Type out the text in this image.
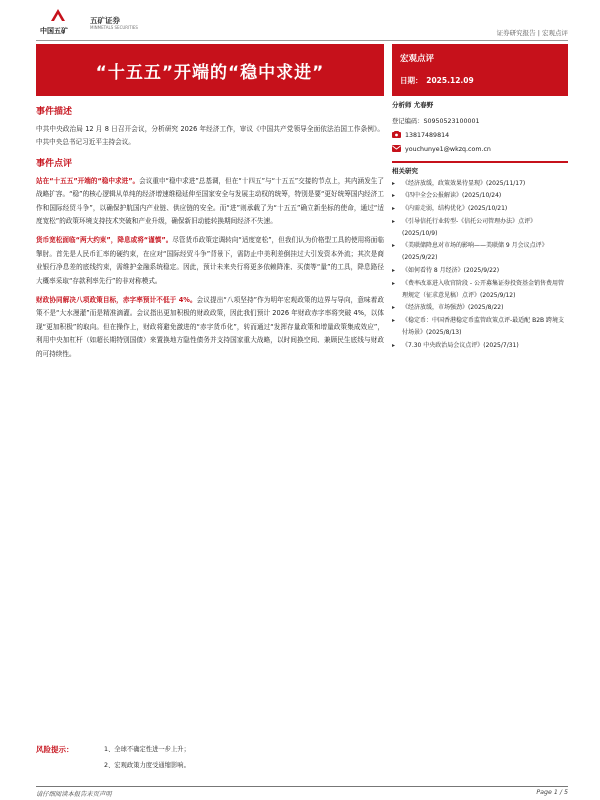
中国五矿
五矿证券
MINMETALS SECURITIES
证券研究报告 | 宏观点评
“十五五”开端的“稳中求进”
宏观点评
日期：　2025.12.09
事件描述

中共中央政治局 12 月 8 日召开会议，分析研究 2026 年经济工作，审议《中国共产党领导全面依法治国工作条例》。中共中央总书记习近平主持会议。

事件点评

站在“十五五”开端的“稳中求进”。会议重申“稳中求进”总基调，但在“十四五”与“十五五”交接的节点上，其内涵发生了战略扩容。“稳”的核心逻辑从单纯的经济增速维稳延伸至国家安全与发展主动权的统筹，特别是要“更好统筹国内经济工作和国际经贸斗争”，以确保护航国内产业链、供应链的安全。而“进”则承载了为“十五五”确立新坐标的使命，通过“适度宽松”的政策环境支持技术突破和产业升级，确保新旧动能转换期间经济不失速。

货币宽松面临“两大约束”，降息或将“谨慎”。尽管货币政策定调转向“适度宽松”，但我们认为价格型工具的使用将面临掣肘。首先是人民币汇率的硬约束，在应对“国际经贸斗争”背景下，需防止中美利差倒挂过大引发资本外流；其次是商业银行净息差的底线约束，需维护金融系统稳定。因此，预计未来央行将更多依赖降准、买债等“量”的工具，降息路径大概率采取“存款利率先行”的非对称模式。

财政协同解决八项政策目标，赤字率预计不低于 4%。会议提出“八项坚持”作为明年宏观政策的边界与导向，意味着政策不是“大水漫灌”而是精准滴灌。会议指出更加积极的财政政策，因此我们预计 2026 年财政赤字率将突破 4%，以体现“更加积极”的取向。但在操作上，财政将避免激进的“赤字货币化”，转而通过“发挥存量政策和增量政策集成效应”，利用中央加杠杆（如超长期特别国债）来置换地方隐性债务并支持国家重大战略，以时间换空间、兼顾民生底线与财政的可持续性。

分析师 尤春野
登记编码：S0950523100001
13817489814
youchunye1@wkzq.com.cn
相关研究
▸ 《经济放缓，政策效果待显现》(2025/11/17)
▸ 《四中全会公报解读》(2025/10/24)
▸ 《内需走弱，结构优化》(2025/10/21)
▸ 《引导信托行业转型-《信托公司管理办法》点评》(2025/10/9)
▸ 《美联储降息对市场的影响——美联储 9 月会议点评》(2025/9/22)
▸ 《如何看待 8 月经济》(2025/9/22)
▸ 《费率改革进入收官阶段 - 公开募集证券投资基金销售费用管理规定（征求意见稿）点评》(2025/9/12)
▸ 《经济放缓，市场强劲》(2025/8/22)
▸ 《稳定币：中国香港稳定币监管政策点评-最适配 B2B 跨境支付场景》(2025/8/13)
▸ 《7.30 中央政治局会议点评》(2025/7/31)
风险提示：	1、全球不确定性进一步上升；
2、宏观政策力度受通缩影响。
请仔细阅读本报告末页声明	Page 1 / 5
